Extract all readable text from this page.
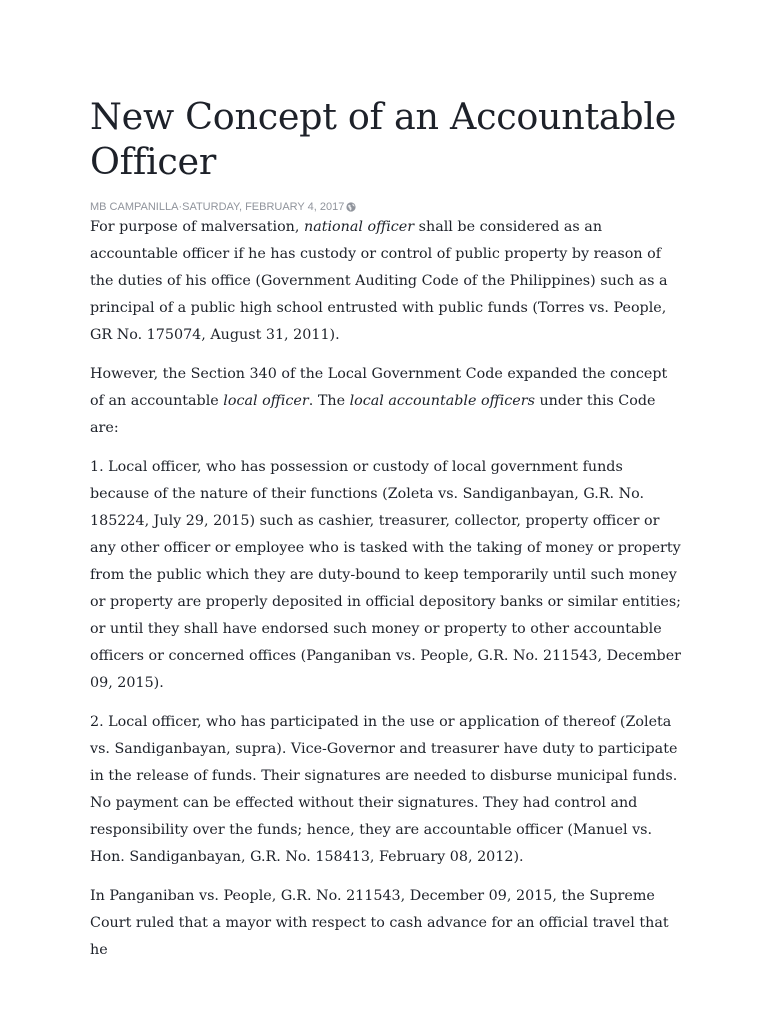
New Concept of an Accountable Officer
MB CAMPANILLA · SATURDAY, FEBRUARY 4, 2017

For purpose of malversation, national officer shall be considered as an accountable officer if he has custody or control of public property by reason of the duties of his office (Government Auditing Code of the Philippines) such as a principal of a public high school entrusted with public funds (Torres vs. People, GR No. 175074, August 31, 2011).

However, the Section 340 of the Local Government Code expanded the concept of an accountable local officer. The local accountable officers under this Code are:

1. Local officer, who has possession or custody of local government funds because of the nature of their functions (Zoleta vs. Sandiganbayan, G.R. No. 185224, July 29, 2015) such as cashier, treasurer, collector, property officer or any other officer or employee who is tasked with the taking of money or property from the public which they are duty-bound to keep temporarily until such money or property are properly deposited in official depository banks or similar entities; or until they shall have endorsed such money or property to other accountable officers or concerned offices (Panganiban vs. People, G.R. No. 211543, December 09, 2015).

2. Local officer, who has participated in the use or application of thereof (Zoleta vs. Sandiganbayan, supra). Vice-Governor and treasurer have duty to participate in the release of funds. Their signatures are needed to disburse municipal funds. No payment can be effected without their signatures. They had control and responsibility over the funds; hence, they are accountable officer (Manuel vs. Hon. Sandiganbayan, G.R. No. 158413, February 08, 2012).

In Panganiban vs. People, G.R. No. 211543, December 09, 2015, the Supreme Court ruled that a mayor with respect to cash advance for an official travel that he
